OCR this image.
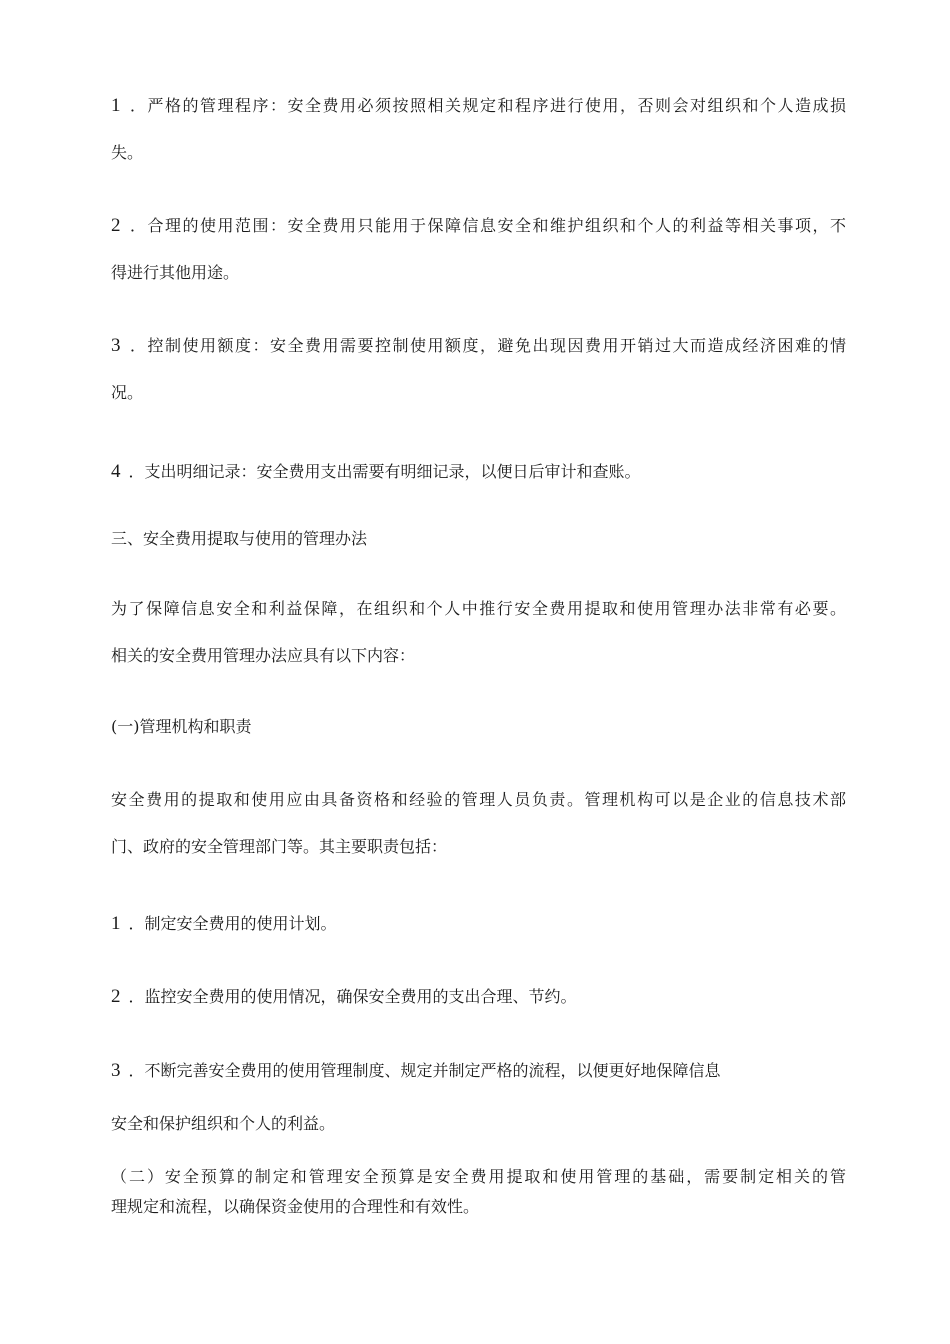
1 ．严格的管理程序：安全费用必须按照相关规定和程序进行使用，否则会对组织和个人造成损
失。
2 ．合理的使用范围：安全费用只能用于保障信息安全和维护组织和个人的利益等相关事项，不
得进行其他用途。
3 ．控制使用额度：安全费用需要控制使用额度，避免出现因费用开销过大而造成经济困难的情
况。
4 ．支出明细记录：安全费用支出需要有明细记录，以便日后审计和查账。
三、安全费用提取与使用的管理办法
为了保障信息安全和利益保障，在组织和个人中推行安全费用提取和使用管理办法非常有必要。
相关的安全费用管理办法应具有以下内容：
(一)管理机构和职责
安全费用的提取和使用应由具备资格和经验的管理人员负责。管理机构可以是企业的信息技术部
门、政府的安全管理部门等。其主要职责包括：
1 ．制定安全费用的使用计划。
2 ．监控安全费用的使用情况，确保安全费用的支出合理、节约。
3 ．不断完善安全费用的使用管理制度、规定并制定严格的流程，以便更好地保障信息
安全和保护组织和个人的利益。
（二）安全预算的制定和管理安全预算是安全费用提取和使用管理的基础，需要制定相关的管
理规定和流程，以确保资金使用的合理性和有效性。
